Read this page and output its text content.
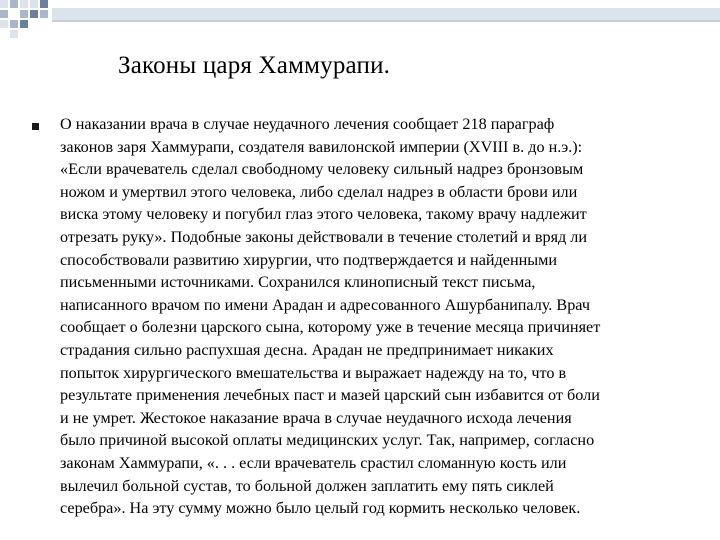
Законы царя Хаммурапи.

О наказании врача в случае неудачного лечения сообщает 218 параграф
законов заря Хаммурапи, создателя вавилонской империи (XVIII в. до н.э.):
«Если врачеватель сделал свободному человеку сильный надрез бронзовым
ножом и умертвил этого человека, либо сделал надрез в области брови или
виска этому человеку и погубил глаз этого человека, такому врачу надлежит
отрезать руку». Подобные законы действовали в течение столетий и вряд ли
способствовали развитию хирургии, что подтверждается и найденными
письменными источниками. Сохранился клинописный текст письма,
написанного врачом по имени Арадан и адресованного Ашурбанипалу. Врач
сообщает о болезни царского сына, которому уже в течение месяца причиняет
страдания сильно распухшая десна. Арадан не предпринимает никаких
попыток хирургического вмешательства и выражает надежду на то, что в
результате применения лечебных паст и мазей царский сын избавится от боли
и не умрет. Жестокое наказание врача в случае неудачного исхода лечения
было причиной высокой оплаты медицинских услуг. Так, например, согласно
законам Хаммурапи, «. . . если врачеватель срастил сломанную кость или
вылечил больной сустав, то больной должен заплатить ему пять сиклей
серебра». На эту сумму можно было целый год кормить несколько человек.
